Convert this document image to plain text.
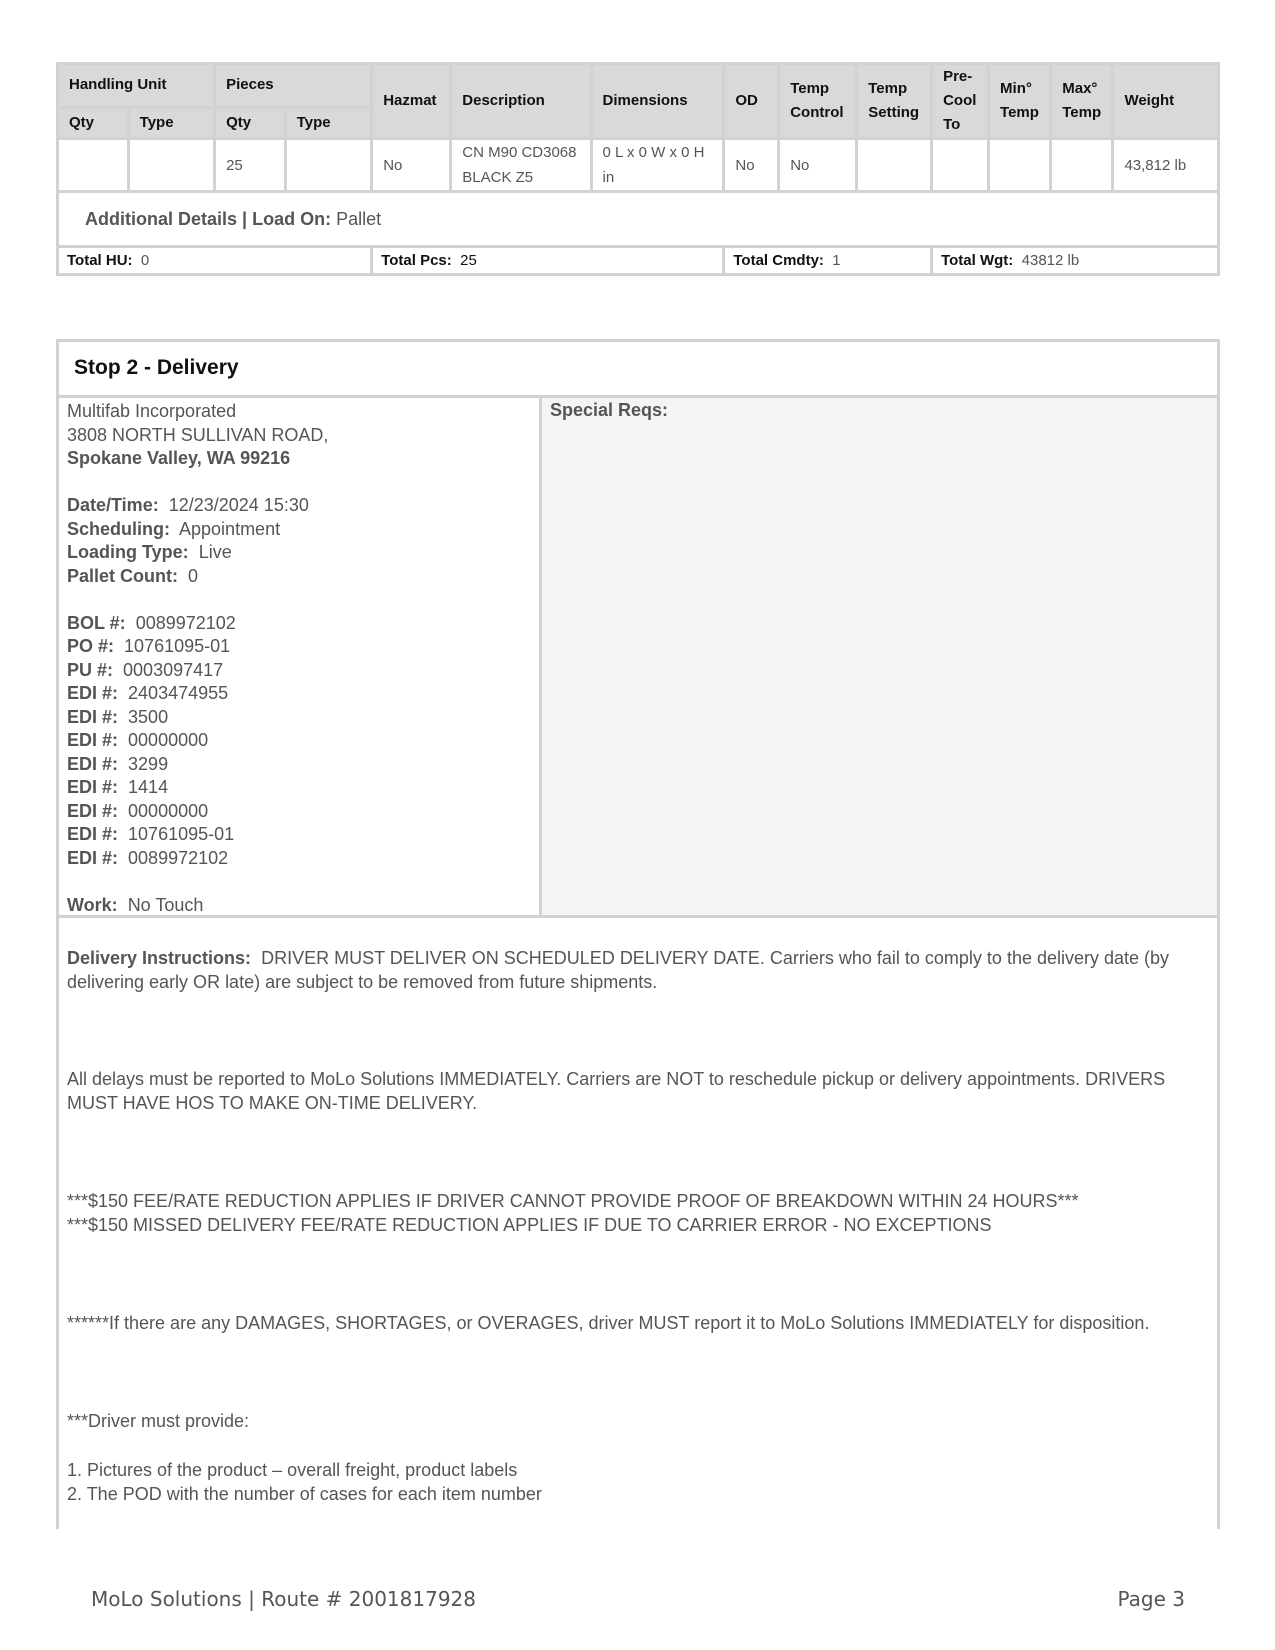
Handling Unit		Pieces		Hazmat	Description	Dimensions	OD	Temp Control	Temp Setting	Pre- Cool To	Min° Temp	Max° Temp	Weight
Qty	Type	Qty	Type										
		25		No	CN M90 CD3068 BLACK Z5	0 L x 0 W x 0 H in	No	No					43,812 lb
Additional Details | Load On: Pallet													
Total HU: 0				Total Pcs: 25			Total Cmdty: 1			Total Wgt: 43812 lb			
Stop 2 - Delivery
Multifab Incorporated
3808 NORTH SULLIVAN ROAD,
Spokane Valley, WA 99216
Date/Time: 12/23/2024 15:30
Scheduling: Appointment
Loading Type: Live
Pallet Count: 0
BOL #: 0089972102
PO #: 10761095-01
PU #: 0003097417
EDI #: 2403474955
EDI #: 3500
EDI #: 00000000
EDI #: 3299
EDI #: 1414
EDI #: 00000000
EDI #: 10761095-01
EDI #: 0089972102
Work: No Touch
Special Reqs:

Delivery Instructions: DRIVER MUST DELIVER ON SCHEDULED DELIVERY DATE. Carriers who fail to comply to the delivery date (by delivering early OR late) are subject to be removed from future shipments.

All delays must be reported to MoLo Solutions IMMEDIATELY. Carriers are NOT to reschedule pickup or delivery appointments. DRIVERS MUST HAVE HOS TO MAKE ON-TIME DELIVERY.

***$150 FEE/RATE REDUCTION APPLIES IF DRIVER CANNOT PROVIDE PROOF OF BREAKDOWN WITHIN 24 HOURS***

***$150 MISSED DELIVERY FEE/RATE REDUCTION APPLIES IF DUE TO CARRIER ERROR - NO EXCEPTIONS

******If there are any DAMAGES, SHORTAGES, or OVERAGES, driver MUST report it to MoLo Solutions IMMEDIATELY for disposition.

***Driver must provide:

1. Pictures of the product – overall freight, product labels

2. The POD with the number of cases for each item number

MoLo Solutions | Route # 2001817928	Page 3
